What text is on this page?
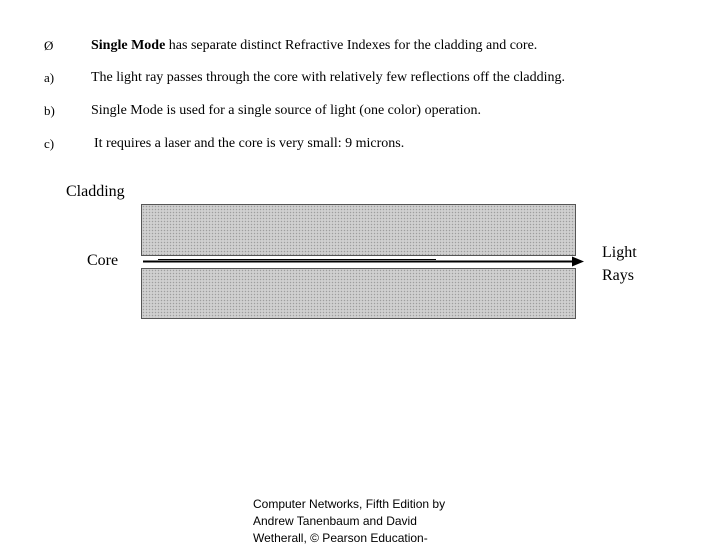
Ø	Single Mode has separate distinct Refractive Indexes for the cladding and core.
a)	The light ray passes through the core with relatively few reflections off the cladding.
b)	Single Mode is used for a single source of light (one color) operation.
c)	It requires a laser and the core is very small: 9 microns.
Cladding
Core	Light
Rays
Computer Networks, Fifth Edition by
Andrew Tanenbaum and David
Wetherall, © Pearson Education-
